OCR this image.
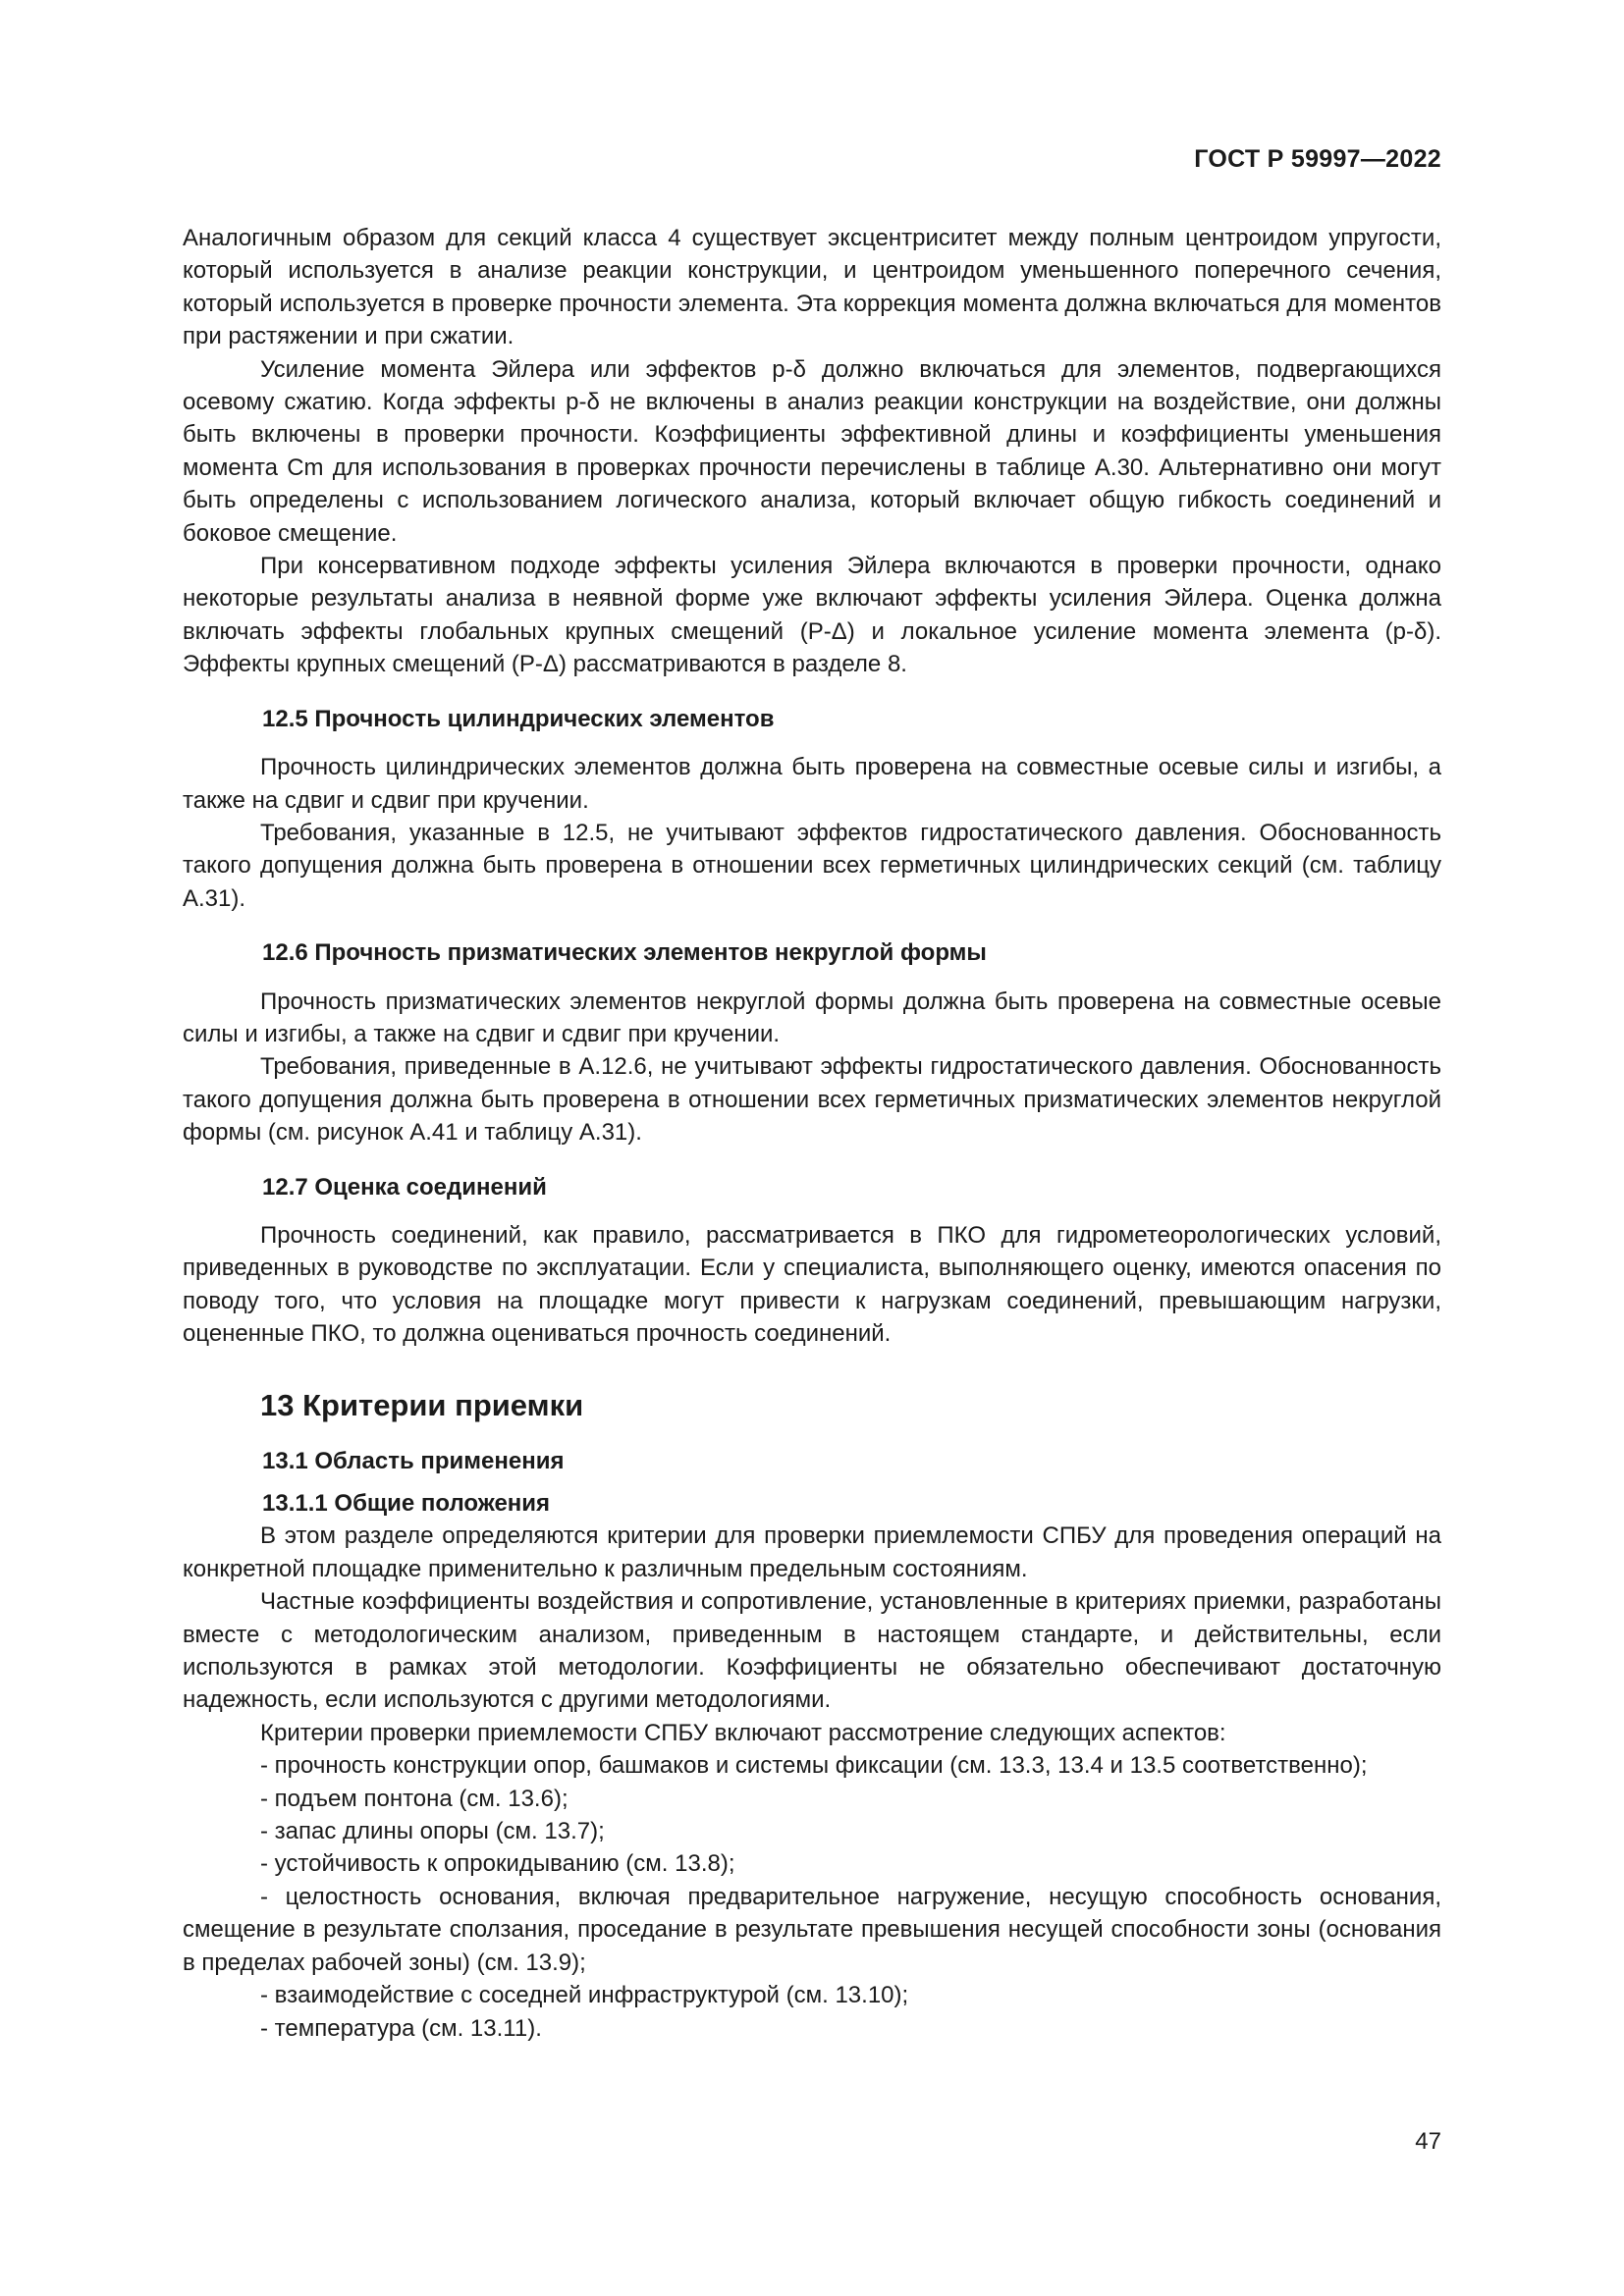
ГОСТ Р 59997—2022

Аналогичным образом для секций класса 4 существует эксцентриситет между полным центроидом упругости, который используется в анализе реакции конструкции, и центроидом уменьшенного поперечного сечения, который используется в проверке прочности элемента. Эта коррекция момента должна включаться для моментов при растяжении и при сжатии.

Усиление момента Эйлера или эффектов p-δ должно включаться для элементов, подвергающихся осевому сжатию. Когда эффекты p-δ не включены в анализ реакции конструкции на воздействие, они должны быть включены в проверки прочности. Коэффициенты эффективной длины и коэффициенты уменьшения момента Cm для использования в проверках прочности перечислены в таблице А.30. Альтернативно они могут быть определены с использованием логического анализа, который включает общую гибкость соединений и боковое смещение.

При консервативном подходе эффекты усиления Эйлера включаются в проверки прочности, однако некоторые результаты анализа в неявной форме уже включают эффекты усиления Эйлера. Оценка должна включать эффекты глобальных крупных смещений (P-Δ) и локальное усиление момента элемента (p-δ). Эффекты крупных смещений (P-Δ) рассматриваются в разделе 8.

12.5 Прочность цилиндрических элементов

Прочность цилиндрических элементов должна быть проверена на совместные осевые силы и изгибы, а также на сдвиг и сдвиг при кручении.

Требования, указанные в 12.5, не учитывают эффектов гидростатического давления. Обоснованность такого допущения должна быть проверена в отношении всех герметичных цилиндрических секций (см. таблицу А.31).

12.6 Прочность призматических элементов некруглой формы

Прочность призматических элементов некруглой формы должна быть проверена на совместные осевые силы и изгибы, а также на сдвиг и сдвиг при кручении.

Требования, приведенные в А.12.6, не учитывают эффекты гидростатического давления. Обоснованность такого допущения должна быть проверена в отношении всех герметичных призматических элементов некруглой формы (см. рисунок А.41 и таблицу А.31).

12.7 Оценка соединений

Прочность соединений, как правило, рассматривается в ПКО для гидрометеорологических условий, приведенных в руководстве по эксплуатации. Если у специалиста, выполняющего оценку, имеются опасения по поводу того, что условия на площадке могут привести к нагрузкам соединений, превышающим нагрузки, оцененные ПКО, то должна оцениваться прочность соединений.

13 Критерии приемки
13.1 Область применения
13.1.1 Общие положения

В этом разделе определяются критерии для проверки приемлемости СПБУ для проведения операций на конкретной площадке применительно к различным предельным состояниям.

Частные коэффициенты воздействия и сопротивление, установленные в критериях приемки, разработаны вместе с методологическим анализом, приведенным в настоящем стандарте, и действительны, если используются в рамках этой методологии. Коэффициенты не обязательно обеспечивают достаточную надежность, если используются с другими методологиями.

Критерии проверки приемлемости СПБУ включают рассмотрение следующих аспектов:

- прочность конструкции опор, башмаков и системы фиксации (см. 13.3, 13.4 и 13.5 соответственно);
- подъем понтона (см. 13.6);
- запас длины опоры (см. 13.7);
- устойчивость к опрокидыванию (см. 13.8);
- целостность основания, включая предварительное нагружение, несущую способность основания, смещение в результате сползания, проседание в результате превышения несущей способности зоны (основания в пределах рабочей зоны) (см. 13.9);
- взаимодействие с соседней инфраструктурой (см. 13.10);
- температура (см. 13.11).
47
